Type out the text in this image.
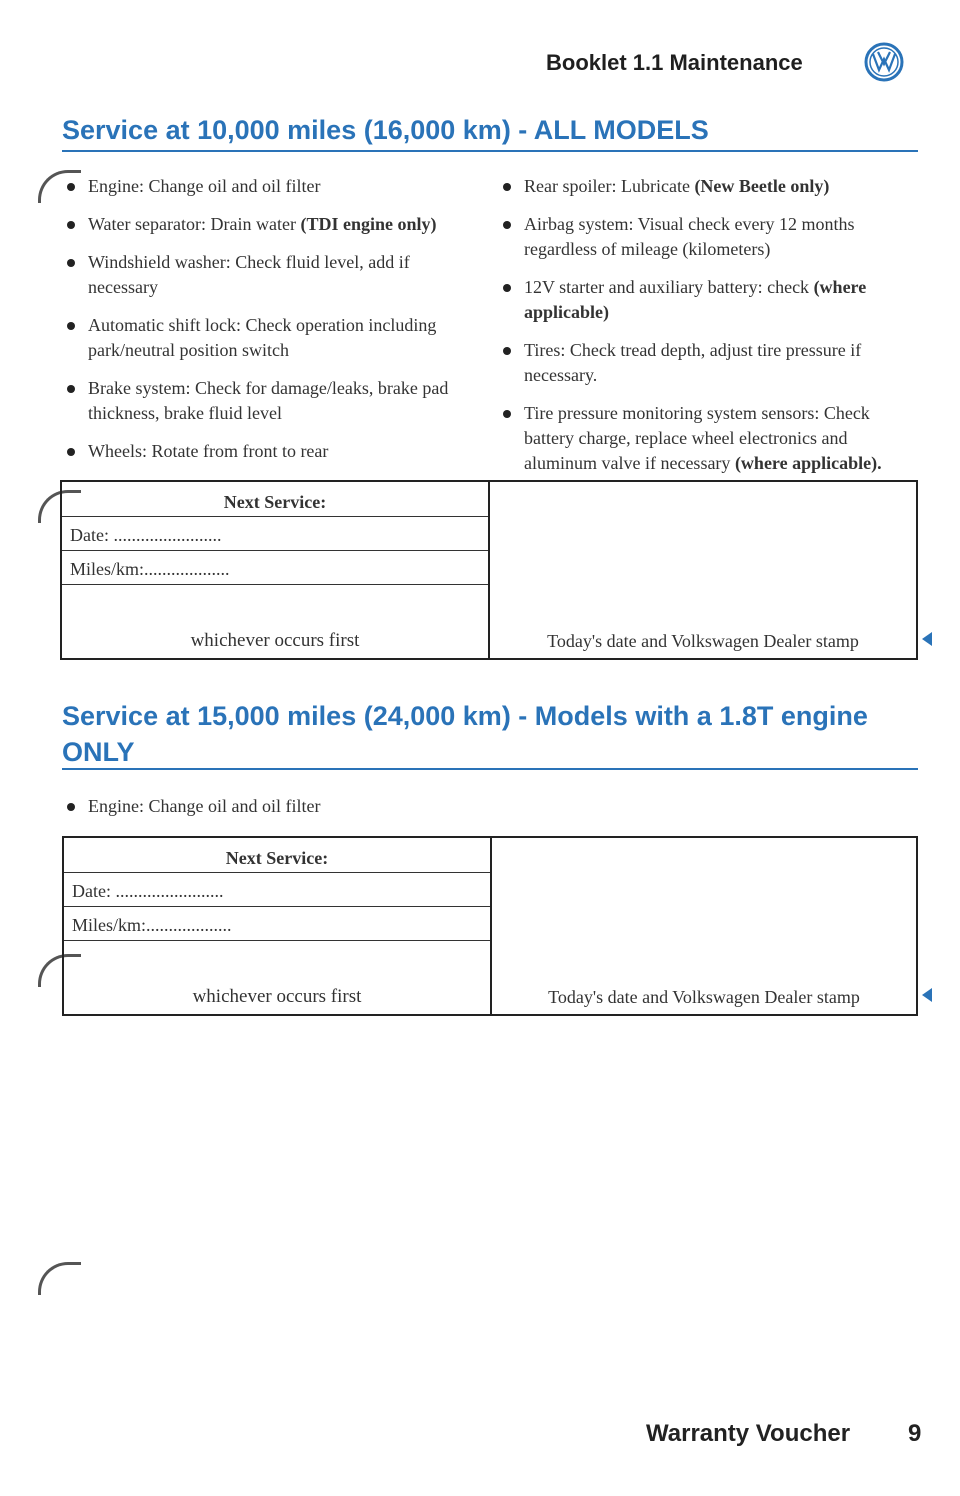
Booklet 1.1 Maintenance
Service at 10,000 miles (16,000 km) - ALL MODELS
Engine: Change oil and oil filter
Water separator: Drain water (TDI engine only)
Windshield washer: Check fluid level, add if necessary
Automatic shift lock: Check operation including park/neutral position switch
Brake system: Check for damage/leaks, brake pad thickness, brake fluid level
Wheels: Rotate from front to rear
Rear spoiler: Lubricate (New Beetle only)
Airbag system: Visual check every 12 months regardless of mileage (kilometers)
12V starter and auxiliary battery: check (where applicable)
Tires: Check tread depth, adjust tire pressure if necessary.
Tire pressure monitoring system sensors: Check battery charge, replace wheel electronics and aluminum valve if necessary (where applicable).
Next Service:
Date: ........................
Miles/km:...................
whichever occurs first	Today's date and Volkswagen Dealer stamp
Service at 15,000 miles (24,000 km) - Models with a 1.8T engine
ONLY
Engine: Change oil and oil filter
Next Service:
Date: ........................
Miles/km:...................
whichever occurs first	Today's date and Volkswagen Dealer stamp
Warranty Voucher 9
